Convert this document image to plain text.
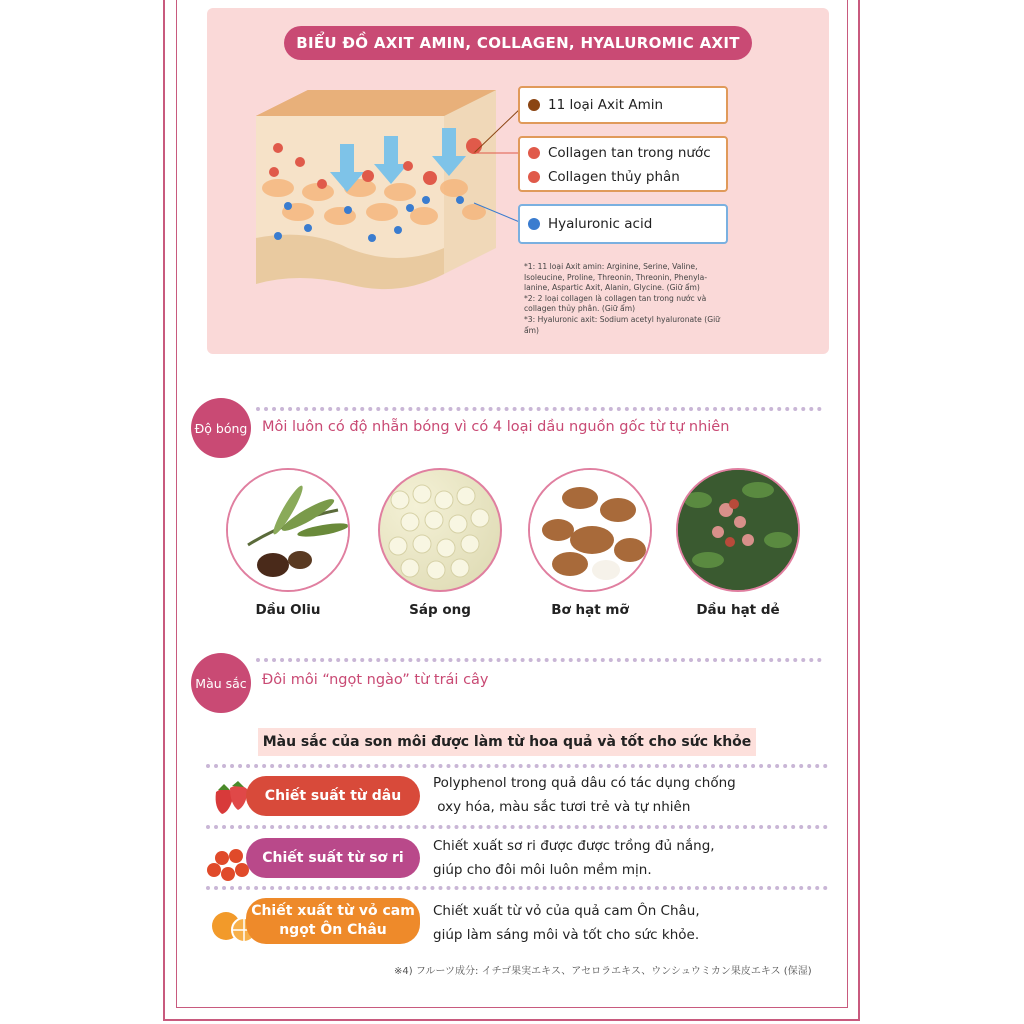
BIỂU ĐỒ AXIT AMIN, COLLAGEN, HYALUROMIC AXIT
11 loại Axit Amin
Collagen tan trong nước
Collagen thủy phân
Hyaluronic acid

*1: 11 loại Axit amin: Arginine, Serine, Valine, Isoleucine, Proline, Threonin, Threonin, Phenyla-lanine, Aspartic Axit, Alanin, Glycine. (Giữ ẩm)

*2: 2 loại collagen là collagen tan trong nước và collagen thủy phân. (Giữ ẩm)

*3: Hyaluronic axit: Sodium acetyl hyaluronate (Giữ ẩm)

Độ bóng Môi luôn có độ nhẵn bóng vì có 4 loại dầu nguồn gốc từ tự nhiên
Dầu Oliu	Sáp ong	Bơ hạt mỡ	Dầu hạt dẻ
Màu sắc Đôi môi “ngọt ngào” từ trái cây
Màu sắc của son môi được làm từ hoa quả và tốt cho sức khỏe
Chiết suất từ dâu
Polyphenol trong quả dâu có tác dụng chống
oxy hóa, màu sắc tươi trẻ và tự nhiên
Chiết suất từ sơ ri
Chiết xuất sơ ri được được trồng đủ nắng,
giúp cho đôi môi luôn mềm mịn.
Chiết xuất từ vỏ cam
ngọt Ôn Châu
Chiết xuất từ vỏ của quả cam Ôn Châu,
giúp làm sáng môi và tốt cho sức khỏe.
※4) フルーツ成分: イチゴ果実エキス、アセロラエキス、ウンシュウミカン果皮エキス (保湿)
